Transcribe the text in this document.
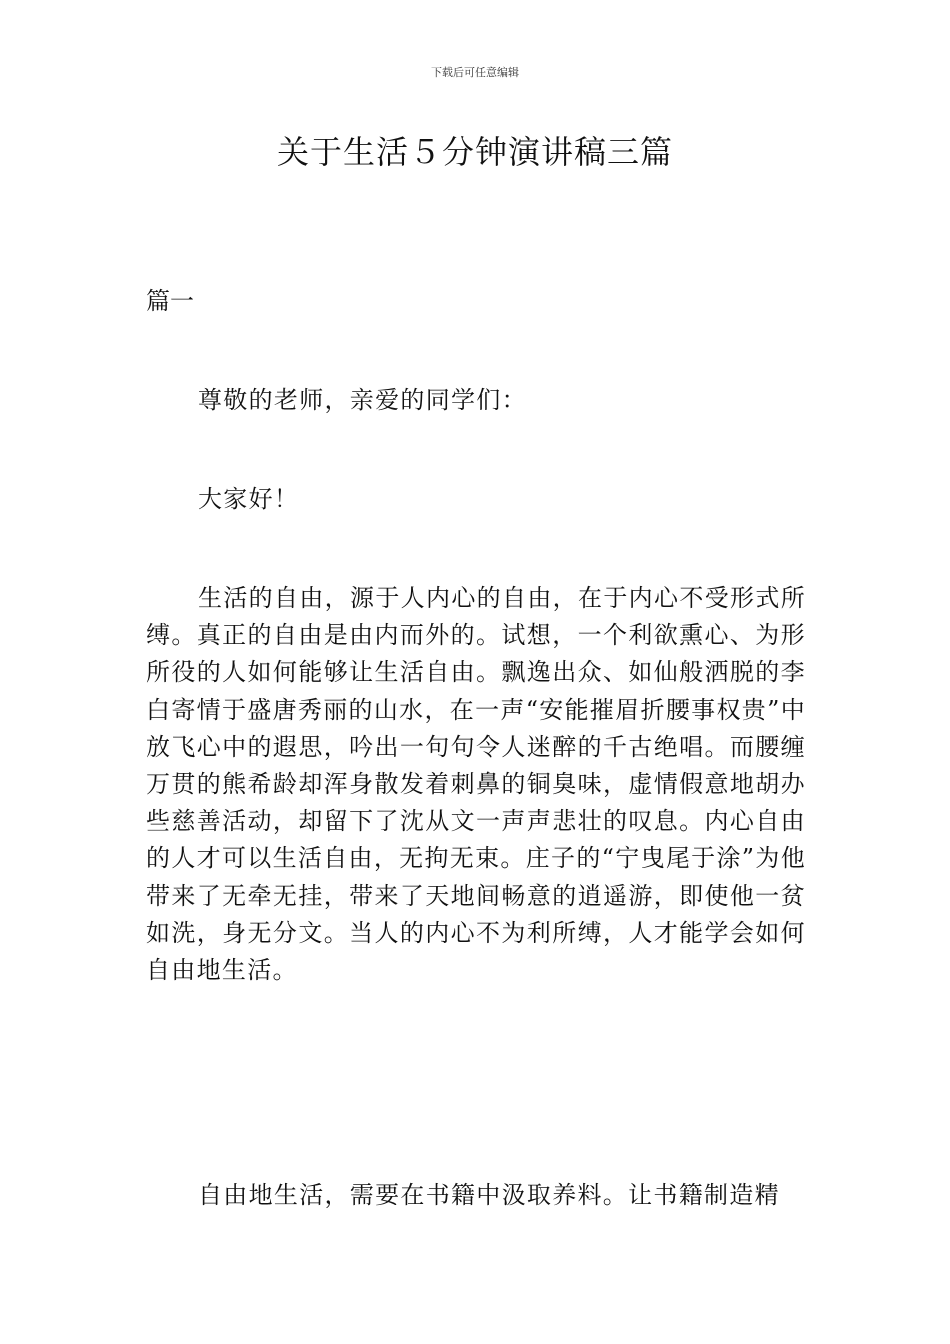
下载后可任意编辑
关于生活５分钟演讲稿三篇
篇一

尊敬的老师，亲爱的同学们：

大家好！

生活的自由，源于人内心的自由，在于内心不受形式所缚。真正的自由是由内而外的。试想，一个利欲熏心、为形所役的人如何能够让生活自由。飘逸出众、如仙般洒脱的李白寄情于盛唐秀丽的山水，在一声“安能摧眉折腰事权贵”中放飞心中的遐思，吟出一句句令人迷醉的千古绝唱。而腰缠万贯的熊希龄却浑身散发着刺鼻的铜臭味，虚情假意地胡办些慈善活动，却留下了沈从文一声声悲壮的叹息。内心自由的人才可以生活自由，无拘无束。庄子的“宁曳尾于涂”为他带来了无牵无挂，带来了天地间畅意的逍遥游，即使他一贫如洗，身无分文。当人的内心不为利所缚，人才能学会如何自由地生活。

自由地生活，需要在书籍中汲取养料。让书籍制造精
